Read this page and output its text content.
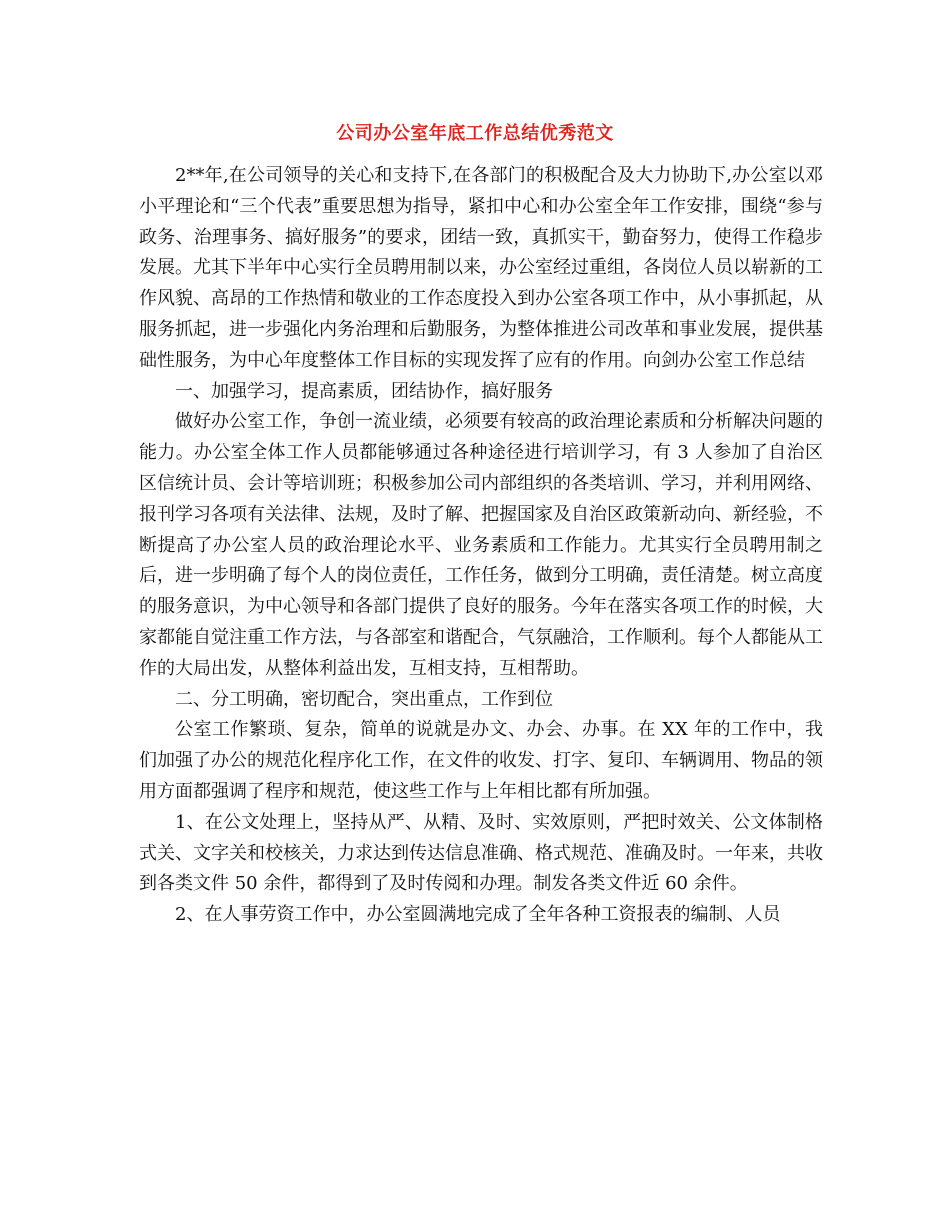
公司办公室年底工作总结优秀范文

2**年,在公司领导的关心和支持下,在各部门的积极配合及大力协助下,办公室以邓小平理论和“三个代表”重要思想为指导，紧扣中心和办公室全年工作安排，围绕“参与政务、治理事务、搞好服务”的要求，团结一致，真抓实干，勤奋努力，使得工作稳步发展。尤其下半年中心实行全员聘用制以来，办公室经过重组，各岗位人员以崭新的工作风貌、高昂的工作热情和敬业的工作态度投入到办公室各项工作中，从小事抓起，从服务抓起，进一步强化内务治理和后勤服务，为整体推进公司改革和事业发展，提供基础性服务，为中心年度整体工作目标的实现发挥了应有的作用。向剑办公室工作总结

一、加强学习，提高素质，团结协作，搞好服务

做好办公室工作，争创一流业绩，必须要有较高的政治理论素质和分析解决问题的能力。办公室全体工作人员都能够通过各种途径进行培训学习，有 3 人参加了自治区区信统计员、会计等培训班；积极参加公司内部组织的各类培训、学习，并利用网络、报刊学习各项有关法律、法规，及时了解、把握国家及自治区政策新动向、新经验，不断提高了办公室人员的政治理论水平、业务素质和工作能力。尤其实行全员聘用制之后，进一步明确了每个人的岗位责任，工作任务，做到分工明确，责任清楚。树立高度的服务意识，为中心领导和各部门提供了良好的服务。今年在落实各项工作的时候，大家都能自觉注重工作方法，与各部室和谐配合，气氛融洽，工作顺利。每个人都能从工作的大局出发，从整体利益出发，互相支持，互相帮助。

二、分工明确，密切配合，突出重点，工作到位

公室工作繁琐、复杂，简单的说就是办文、办会、办事。在 XX 年的工作中，我们加强了办公的规范化程序化工作，在文件的收发、打字、复印、车辆调用、物品的领用方面都强调了程序和规范，使这些工作与上年相比都有所加强。

1、在公文处理上，坚持从严、从精、及时、实效原则，严把时效关、公文体制格式关、文字关和校核关，力求达到传达信息准确、格式规范、准确及时。一年来，共收到各类文件 50 余件，都得到了及时传阅和办理。制发各类文件近 60 余件。

2、在人事劳资工作中，办公室圆满地完成了全年各种工资报表的编制、人员
